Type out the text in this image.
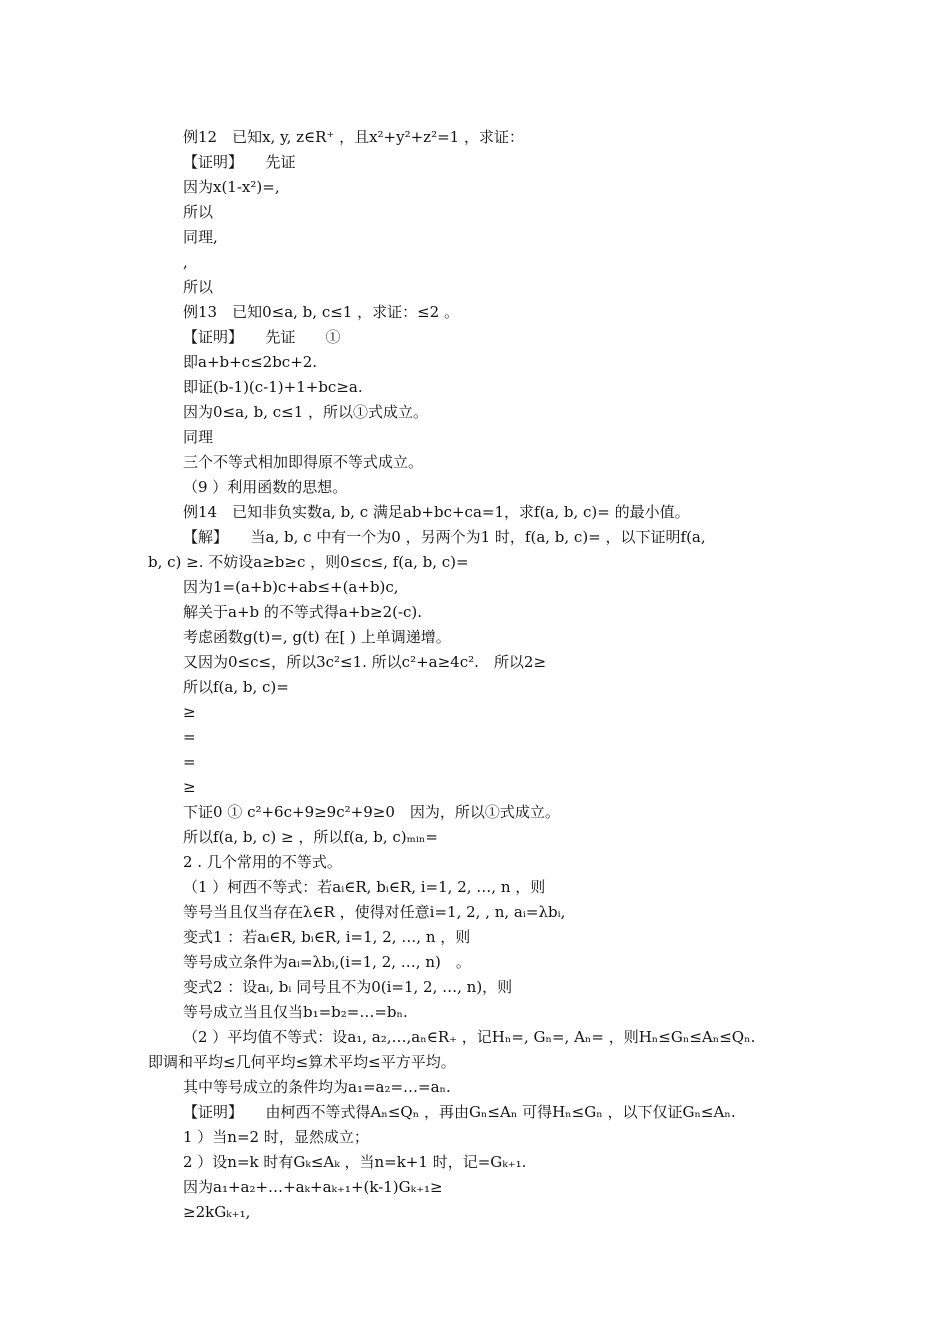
例12　已知x, y, z∈R⁺ ，且x²+y²+z²=1 ，求证：
【证明】　　先证
因为x(1-x²)=,
所以
同理,
,
所以
例13　已知0≤a, b, c≤1 ，求证：≤2 。
【证明】　　先证　　①
即a+b+c≤2bc+2.
即证(b-1)(c-1)+1+bc≥a.
因为0≤a, b, c≤1 ，所以①式成立。
同理
三个不等式相加即得原不等式成立。
（9 ）利用函数的思想。
例14　已知非负实数a, b, c 满足ab+bc+ca=1，求f(a, b, c)= 的最小值。
【解】　　当a, b, c 中有一个为0 ，另两个为1 时，f(a, b, c)= ，以下证明f(a,
b, c) ≥. 不妨设a≥b≥c ，则0≤c≤, f(a, b, c)=
因为1=(a+b)c+ab≤+(a+b)c,
解关于a+b 的不等式得a+b≥2(-c).
考虑函数g(t)=, g(t) 在[ ) 上单调递增。
又因为0≤c≤，所以3c²≤1. 所以c²+a≥4c².　所以2≥
所以f(a, b, c)=
≥
=
=
≥
下证0 ① c²+6c+9≥9c²+9≥0　因为，所以①式成立。
所以f(a, b, c) ≥ ，所以f(a, b, c)ₘᵢₙ=
2 . 几个常用的不等式。
（1 ）柯西不等式：若aᵢ∈R, bᵢ∈R, i=1, 2, …, n ，则
等号当且仅当存在λ∈R ，使得对任意i=1, 2, , n, aᵢ=λbᵢ,
变式1 ：若aᵢ∈R, bᵢ∈R, i=1, 2, …, n ，则
等号成立条件为aᵢ=λbᵢ,(i=1, 2, …, n)　。
变式2 ：设aᵢ, bᵢ 同号且不为0(i=1, 2, …, n)，则
等号成立当且仅当b₁=b₂=…=bₙ.
（2 ）平均值不等式：设a₁, a₂,…,aₙ∈R₊ ，记Hₙ=, Gₙ=, Aₙ= ，则Hₙ≤Gₙ≤Aₙ≤Qₙ.
即调和平均≤几何平均≤算术平均≤平方平均。
其中等号成立的条件均为a₁=a₂=…=aₙ.
【证明】　　由柯西不等式得Aₙ≤Qₙ ，再由Gₙ≤Aₙ 可得Hₙ≤Gₙ ，以下仅证Gₙ≤Aₙ.
1 ）当n=2 时，显然成立；
2 ）设n=k 时有Gₖ≤Aₖ ，当n=k+1 时，记=Gₖ₊₁.
因为a₁+a₂+…+aₖ+aₖ₊₁+(k-1)Gₖ₊₁≥
≥2kGₖ₊₁,
